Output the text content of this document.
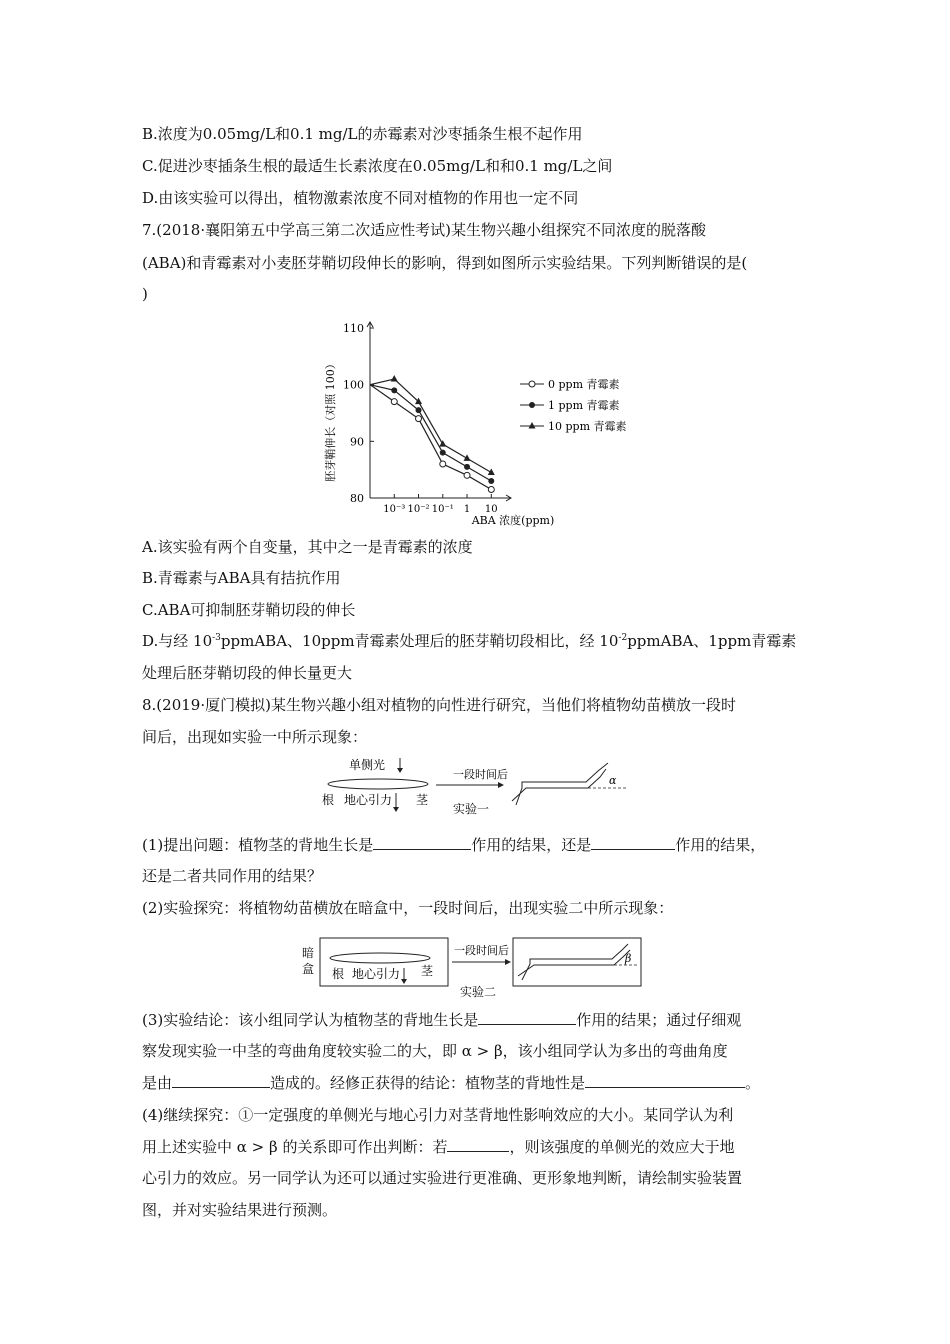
B.浓度为0.05mg/L和0.1 mg/L的赤霉素对沙枣插条生根不起作用
C.促进沙枣插条生根的最适生长素浓度在0.05mg/L和和0.1 mg/L之间
D.由该实验可以得出，植物激素浓度不同对植物的作用也一定不同
7.(2018·襄阳第五中学高三第二次适应性考试)某生物兴趣小组探究不同浓度的脱落酸
(ABA)和青霉素对小麦胚芽鞘切段伸长的影响，得到如图所示实验结果。下列判断错误的是(
)
80
90
100
110
10⁻³ 10⁻² 10⁻¹ 1 10
0 ppm 青霉素
1 ppm 青霉素
10 ppm 青霉素
胚芽鞘伸长（对照 100）
ABA 浓度(ppm)
A.该实验有两个自变量，其中之一是青霉素的浓度
B.青霉素与ABA具有拮抗作用
C.ABA可抑制胚芽鞘切段的伸长
D.与经 $10^{-3}ppmABA$、10ppm青霉素处理后的胚芽鞘切段相比，经 $10^{-2}ppmABA$、1ppm青霉素
处理后胚芽鞘切段的伸长量更大
8.(2019·厦门模拟)某生物兴趣小组对植物的向性进行研究，当他们将植物幼苗横放一段时
间后，出现如实验一中所示现象：
单侧光
根 地心引力 茎
一段时间后
实验一
α
(1)提出问题：植物茎的背地生长是	作用的结果，还是	作用的结果，
还是二者共同作用的结果？
(2)实验探究：将植物幼苗横放在暗盒中，一段时间后，出现实验二中所示现象：
暗
盒 根 地心引力 茎
一段时间后
实验二
β
(3)实验结论：该小组同学认为植物茎的背地生长是	作用的结果；通过仔细观
察发现实验一中茎的弯曲角度较实验二的大，即 α > β，该小组同学认为多出的弯曲角度
是由	造成的。经修正获得的结论：植物茎的背地性是	。
(4)继续探究：①一定强度的单侧光与地心引力对茎背地性影响效应的大小。某同学认为利
用上述实验中 α > β 的关系即可作出判断：若	，则该强度的单侧光的效应大于地
心引力的效应。另一同学认为还可以通过实验进行更准确、更形象地判断，请绘制实验装置
图，并对实验结果进行预测。
